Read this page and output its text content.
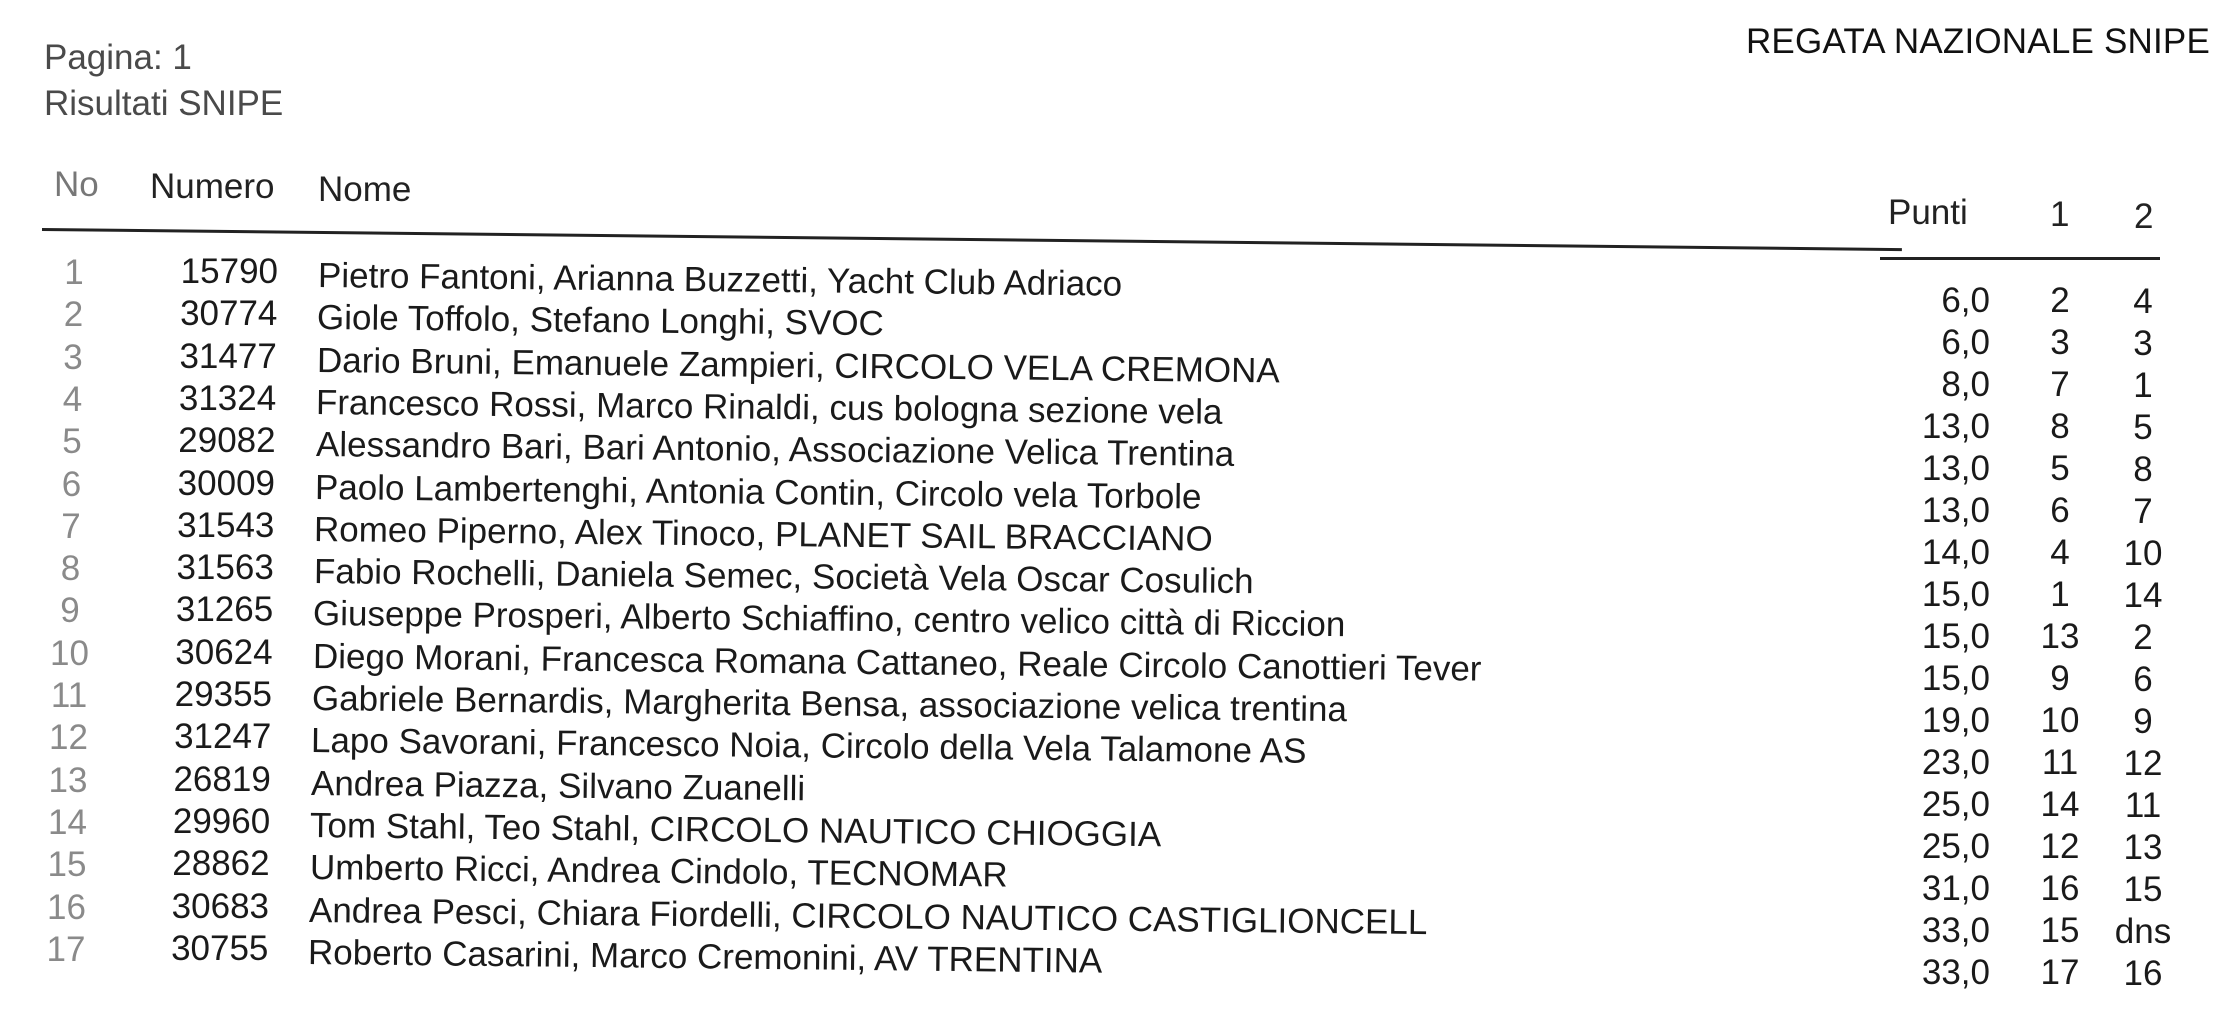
Pagina: 1
Risultati SNIPE
REGATA NAZIONALE SNIPE
No Numero Nome
Punti 1 2
1	15790 Pietro Fantoni, Arianna Buzzetti, Yacht Club Adriaco	6,0	2	4
2	30774 Giole Toffolo, Stefano Longhi, SVOC	6,0	3	3
3	31477 Dario Bruni, Emanuele Zampieri, CIRCOLO VELA CREMONA	8,0	7	1
4	31324 Francesco Rossi, Marco Rinaldi, cus bologna sezione vela	13,0	8	5
5	29082 Alessandro Bari, Bari Antonio, Associazione Velica Trentina	13,0	5	8
6	30009 Paolo Lambertenghi, Antonia Contin, Circolo vela Torbole	13,0	6	7
7	31543 Romeo Piperno, Alex Tinoco, PLANET SAIL BRACCIANO	14,0	4	10
8	31563 Fabio Rochelli, Daniela Semec, Società Vela Oscar Cosulich	15,0	1	14
9	31265 Giuseppe Prosperi, Alberto Schiaffino, centro velico città di Riccion	15,0	13	2
10	30624 Diego Morani, Francesca Romana Cattaneo, Reale Circolo Canottieri Tever	15,0	9	6
11	29355 Gabriele Bernardis, Margherita Bensa, associazione velica trentina	19,0	10	9
12	31247 Lapo Savorani, Francesco Noia, Circolo della Vela Talamone AS	23,0	11	12
13	26819 Andrea Piazza, Silvano Zuanelli	25,0	14	11
14	29960 Tom Stahl, Teo Stahl, CIRCOLO NAUTICO CHIOGGIA	25,0	12	13
15	28862 Umberto Ricci, Andrea Cindolo, TECNOMAR	31,0	16	15
16	30683 Andrea Pesci, Chiara Fiordelli, CIRCOLO NAUTICO CASTIGLIONCELL	33,0	15	dns
17	30755 Roberto Casarini, Marco Cremonini, AV TRENTINA	33,0	17	16
